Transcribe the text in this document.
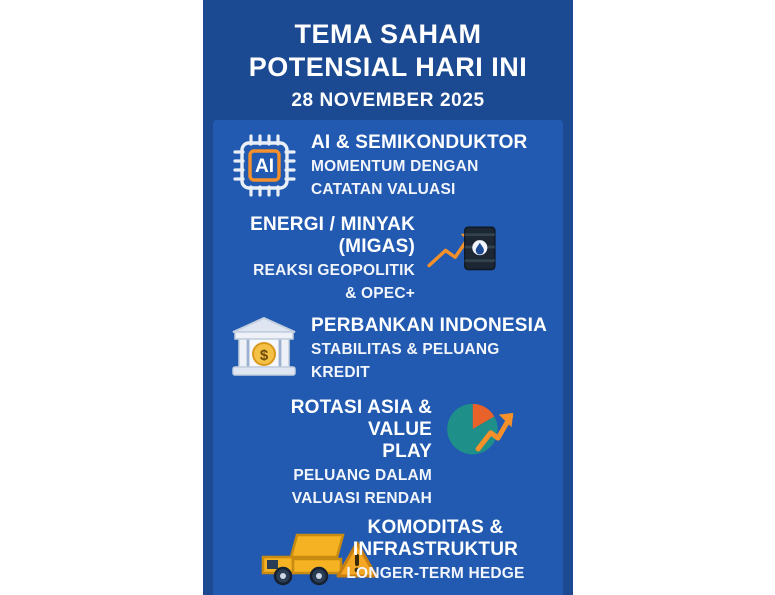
TEMA SAHAM
POTENSIAL HARI INI
28 NOVEMBER 2025
AI
AI & SEMIKONDUKTOR
MOMENTUM DENGAN
CATATAN VALUASI
ENERGI / MINYAK
(MIGAS)
REAKSI GEOPOLITIK
& OPEC+
$
PERBANKAN INDONESIA
STABILITAS & PELUANG
KREDIT
ROTASI ASIA & VALUE
PLAY
PELUANG DALAM
VALUASI RENDAH
KOMODITAS &
INFRASTRUKTUR
LONGER-TERM HEDGE
